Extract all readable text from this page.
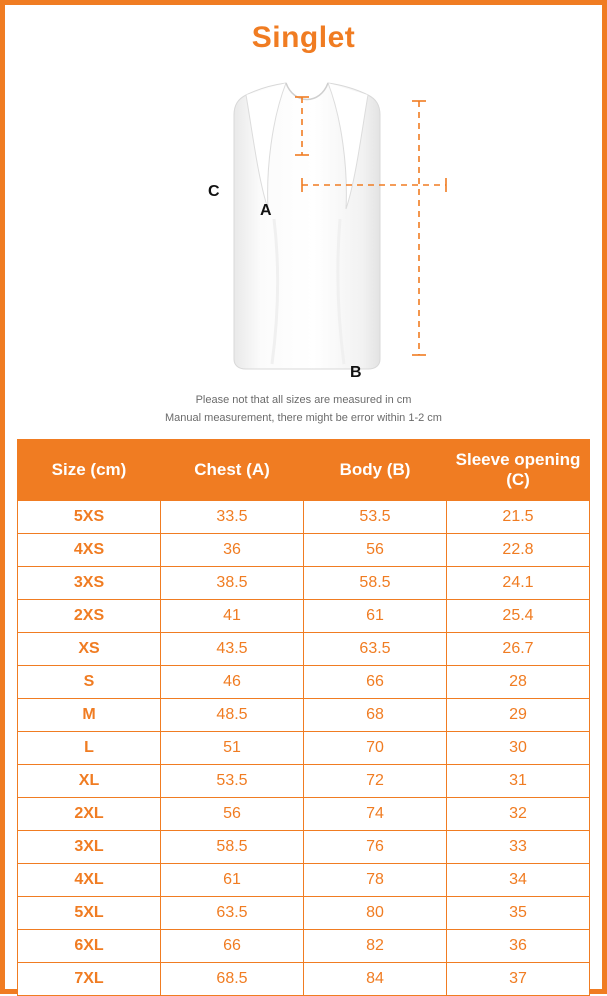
Singlet
C
A
B

Please not that all sizes are measured in cm

Manual measurement, there might be error within 1-2 cm

Size (cm)	Chest (A)	Body (B)	Sleeve opening (C)
5XS	33.5	53.5	21.5
4XS	36	56	22.8
3XS	38.5	58.5	24.1
2XS	41	61	25.4
XS	43.5	63.5	26.7
S	46	66	28
M	48.5	68	29
L	51	70	30
XL	53.5	72	31
2XL	56	74	32
3XL	58.5	76	33
4XL	61	78	34
5XL	63.5	80	35
6XL	66	82	36
7XL	68.5	84	37
